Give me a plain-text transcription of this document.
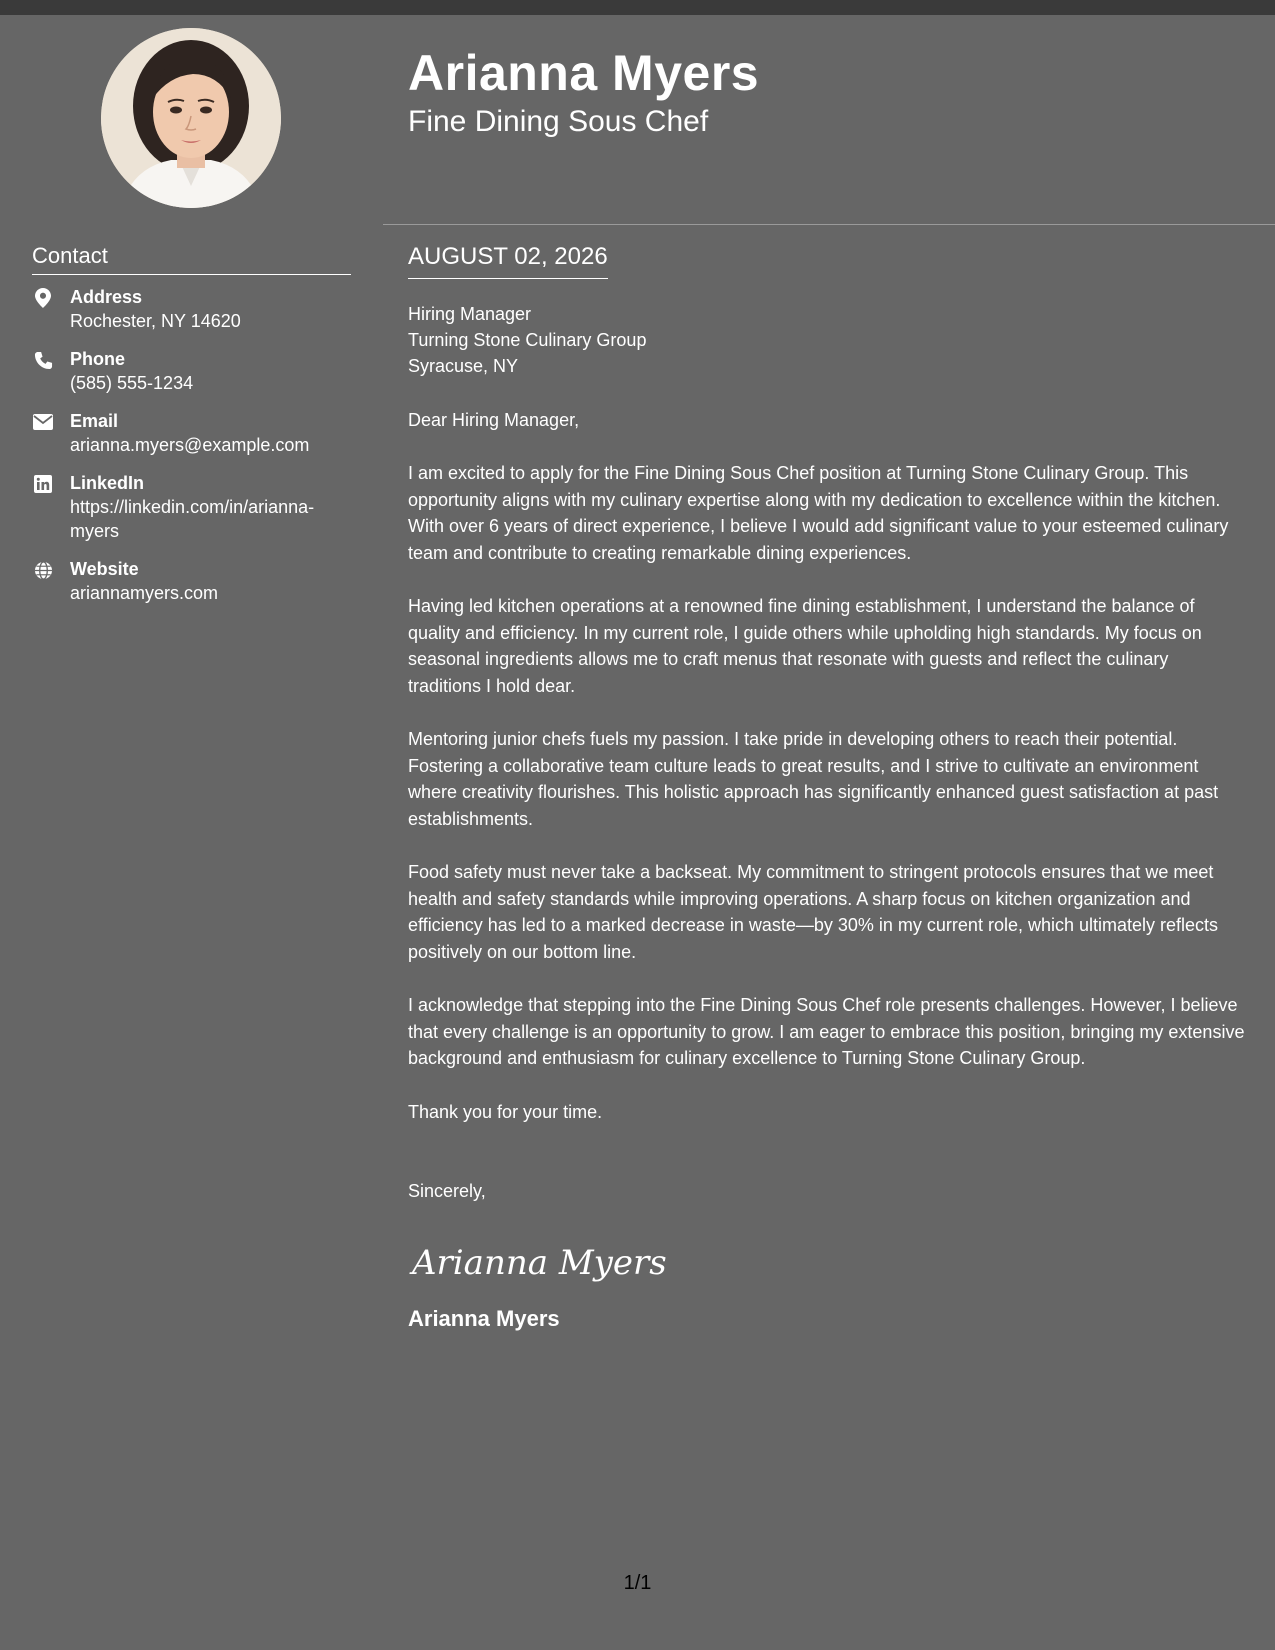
Contact
Address
Rochester, NY 14620
Phone
(585) 555-1234
Email
arianna.myers@example.com
LinkedIn
https://linkedin.com/in/arianna-myers
Website
ariannamyers.com
Arianna Myers
Fine Dining Sous Chef
AUGUST 02, 2026
Hiring Manager
Turning Stone Culinary Group
Syracuse, NY
Dear Hiring Manager,

I am excited to apply for the Fine Dining Sous Chef position at Turning Stone Culinary Group. This opportunity aligns with my culinary expertise along with my dedication to excellence within the kitchen. With over 6 years of direct experience, I believe I would add significant value to your esteemed culinary team and contribute to creating remarkable dining experiences.

Having led kitchen operations at a renowned fine dining establishment, I understand the balance of quality and efficiency. In my current role, I guide others while upholding high standards. My focus on seasonal ingredients allows me to craft menus that resonate with guests and reflect the culinary traditions I hold dear.

Mentoring junior chefs fuels my passion. I take pride in developing others to reach their potential. Fostering a collaborative team culture leads to great results, and I strive to cultivate an environment where creativity flourishes. This holistic approach has significantly enhanced guest satisfaction at past establishments.

Food safety must never take a backseat. My commitment to stringent protocols ensures that we meet health and safety standards while improving operations. A sharp focus on kitchen organization and efficiency has led to a marked decrease in waste—by 30% in my current role, which ultimately reflects positively on our bottom line.

I acknowledge that stepping into the Fine Dining Sous Chef role presents challenges. However, I believe that every challenge is an opportunity to grow. I am eager to embrace this position, bringing my extensive background and enthusiasm for culinary excellence to Turning Stone Culinary Group.

Thank you for your time.

Sincerely,
Arianna Myers
Arianna Myers
1/1
